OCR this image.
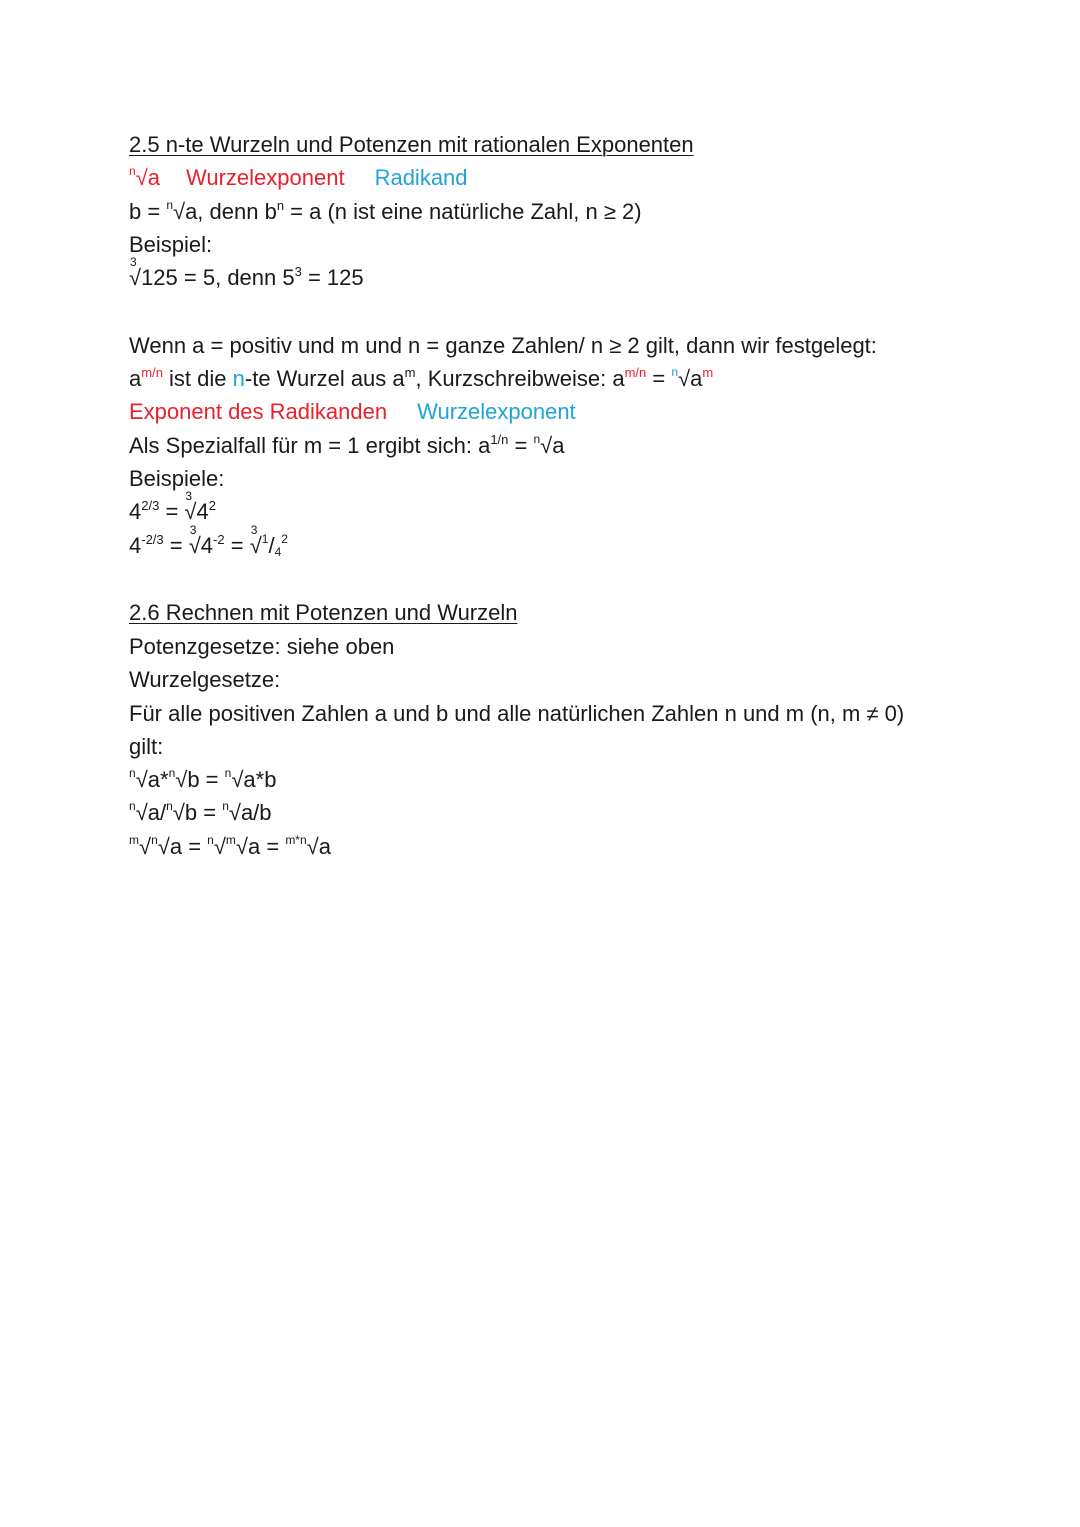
2.5 n-te Wurzeln und Potenzen mit rationalen Exponenten
$^n$√a Wurzelexponent Radikand
b = $^n$√a, denn $b^n = a$ (n ist eine natürliche Zahl, n ≥ 2)
Beispiel:
3
√125 = 5, denn $5^3 = 125$
Wenn a = positiv und m und n = ganze Zahlen/ n ≥ 2 gilt, dann wir festgelegt:
$a^{m/n}$ ist die n-te Wurzel aus $a^m$, Kurzschreibweise: $a^{m/n} = ^n√a^m$
Exponent des Radikanden Wurzelexponent
Als Spezialfall für m = 1 ergibt sich: $a^{1/n} = ^n√a$
Beispiele:
$4^{2/3}$ =
3
$√4^2$
$4^{-2/3}$ =
3
$√4^{-2}$ =
3
$√^1/4^2$
2.6 Rechnen mit Potenzen und Wurzeln
Potenzgesetze: siehe oben
Wurzelgesetze:
Für alle positiven Zahlen a und b und alle natürlichen Zahlen n und m (n, m ≠ 0)
gilt:
$^n$√a*$^n$√b = $^n$√a*b
$^n$√a/$^n$√b = $^n$√a/b
$^m$√$^n$√a = $^n$√$^m$√a = $^{m*n}$√a
